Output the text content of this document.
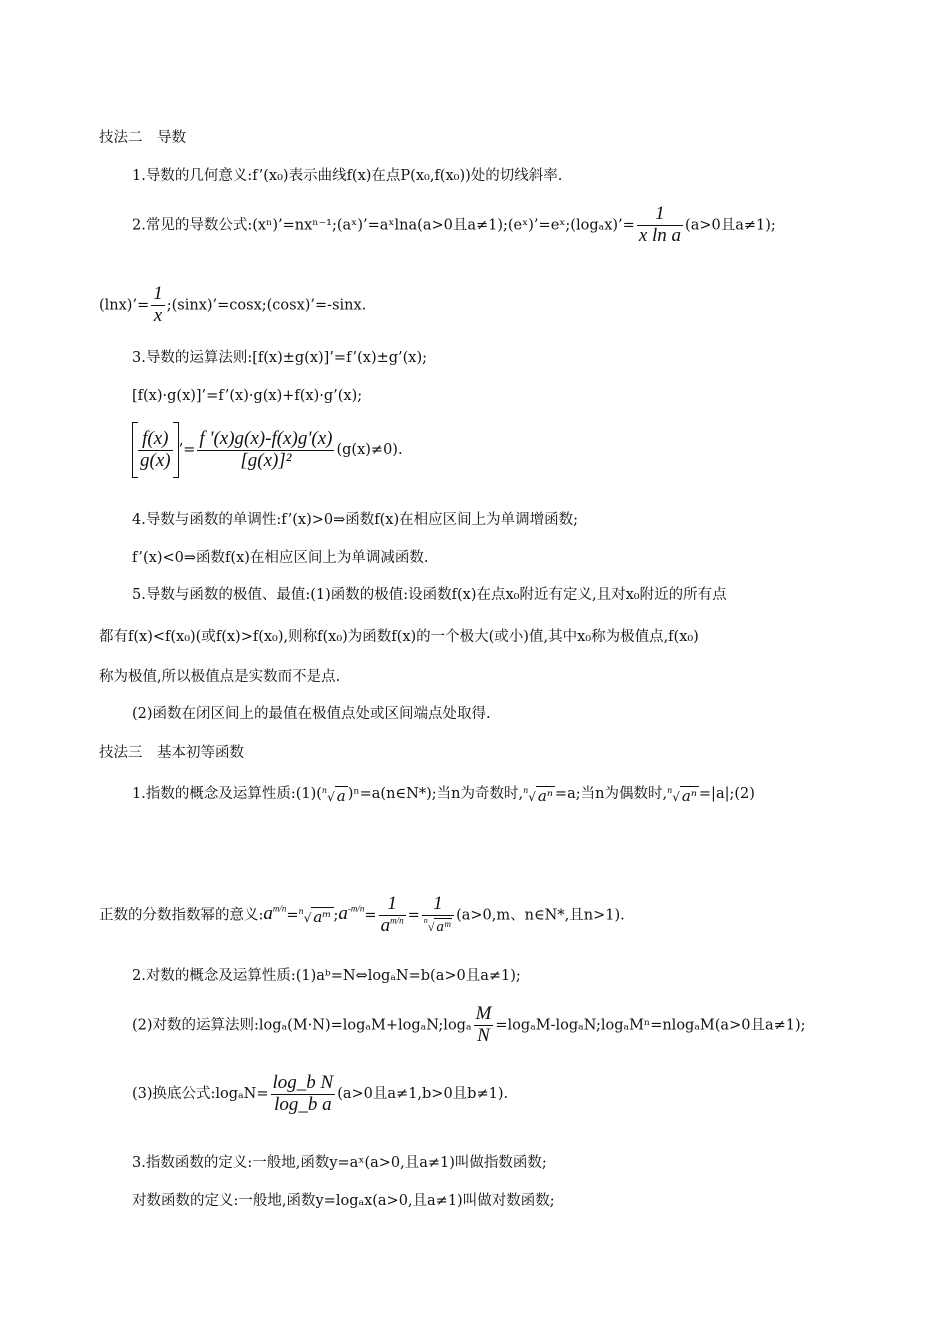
技法二　导数
1.导数的几何意义:f’(x₀)表示曲线f(x)在点P(x₀,f(x₀))处的切线斜率.
2.常见的导数公式:(xⁿ)’=nxⁿ⁻¹;(aˣ)’=aˣlna(a>0且a≠1);(eˣ)’=eˣ;(logₐx)’= $\frac{1}{\text{x ln a}} (a>0$且a≠1);
(lnx)’= $\frac{1}{x}$ ;(sinx)’=cosx;(cosx)’=-sinx.
3.导数的运算法则:[f(x)±g(x)]’=f’(x)±g’(x);
[f(x)·g(x)]’=f’(x)·g(x)+f(x)·g’(x);
$\frac{f(x)}{g(x)}$ ’= $\frac{f '(x)g(x)-f(x)g'(x)}{\text{[g(x)]²}} (g(x)\ne 0)$.
4.导数与函数的单调性:f’(x)>0⇒函数f(x)在相应区间上为单调增函数;
f’(x)<0⇒函数f(x)在相应区间上为单调减函数.
5.导数与函数的极值、最值:(1)函数的极值:设函数f(x)在点x₀附近有定义,且对x₀附近的所有点
都有f(x)<f(x₀)(或f(x)>f(x₀),则称f(x₀)为函数f(x)的一个极大(或小)值,其中x₀称为极值点,f(x₀)
称为极值,所以极值点是实数而不是点.
(2)函数在闭区间上的最值在极值点处或区间端点处取得.
技法三　基本初等函数
1.指数的概念及运算性质:(1)($^n$√ a )ⁿ=a(n∈N*);当n为奇数时,$^n$√ aⁿ =a;当n为偶数时,$^n$√ aⁿ =|a|;(2)
正数的分数指数幂的意义$:a^{m/n}=^n√$ aᵐ $;a^{-m/n}= \frac{1}{a^{m/n}} = \frac{1}{^n√ aᵐ} (a>0,m$、n∈N*,且n>1).
2.对数的概念及运算性质:(1)aᵇ=N⇔logₐN=b(a>0且a≠1);
(2)对数的运算法则:logₐ(M·N)=logₐM+logₐN;logₐ $\frac{M}{N}$ =logₐM-logₐN;logₐMⁿ=nlogₐM(a>0且a≠1);
(3)换底公式:logₐN= $\frac{\text{log\_b N}}{\text{log\_b a}} (a>0$且a≠1,b>0且b≠1).
3.指数函数的定义:一般地,函数y=aˣ(a>0,且a≠1)叫做指数函数;
对数函数的定义:一般地,函数y=logₐx(a>0,且a≠1)叫做对数函数;
